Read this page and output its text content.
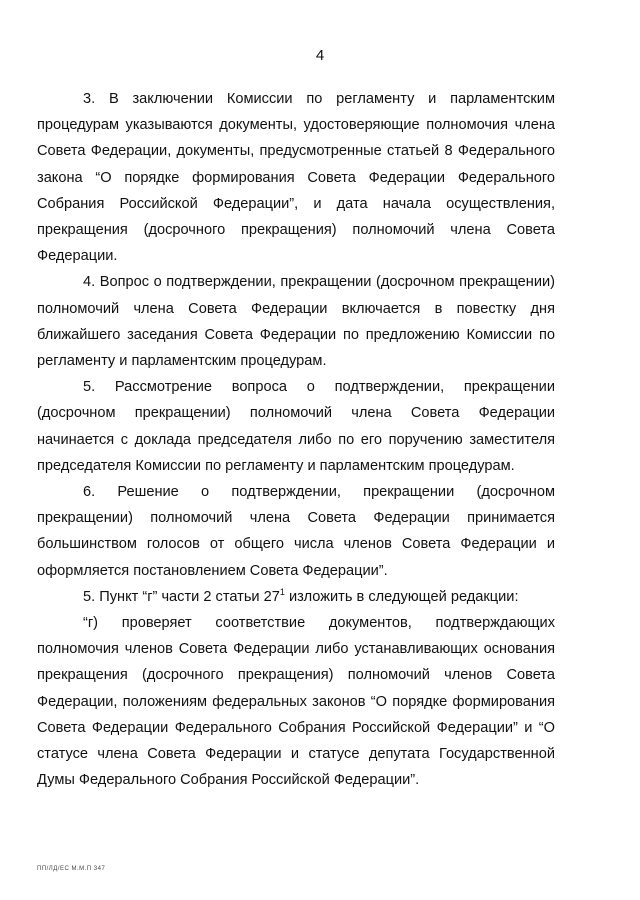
4

3. В заключении Комиссии по регламенту и парламентским процедурам указываются документы, удостоверяющие полномочия члена Совета Федерации, документы, предусмотренные статьей 8 Федерального закона “О порядке формирования Совета Федерации Федерального Собрания Российской Федерации”, и дата начала осуществления, прекращения (досрочного прекращения) полномочий члена Совета Федерации.

4. Вопрос о подтверждении, прекращении (досрочном прекращении) полномочий члена Совета Федерации включается в повестку дня ближайшего заседания Совета Федерации по предложению Комиссии по регламенту и парламентским процедурам.

5. Рассмотрение вопроса о подтверждении, прекращении (досрочном прекращении) полномочий члена Совета Федерации начинается с доклада председателя либо по его поручению заместителя председателя Комиссии по регламенту и парламентским процедурам.

6. Решение о подтверждении, прекращении (досрочном прекращении) полномочий члена Совета Федерации принимается большинством голосов от общего числа членов Совета Федерации и оформляется постановлением Совета Федерации”.

5. Пункт “г” части 2 статьи $27^1$ изложить в следующей редакции:

“г) проверяет соответствие документов, подтверждающих полномочия членов Совета Федерации либо устанавливающих основания прекращения (досрочного прекращения) полномочий членов Совета Федерации, положениям федеральных законов “О порядке формирования Совета Федерации Федерального Собрания Российской Федерации” и “О статусе члена Совета Федерации и статусе депутата Государственной Думы Федерального Собрания Российской Федерации”.

ПП/ЛД/ЕС М.М.П 347
